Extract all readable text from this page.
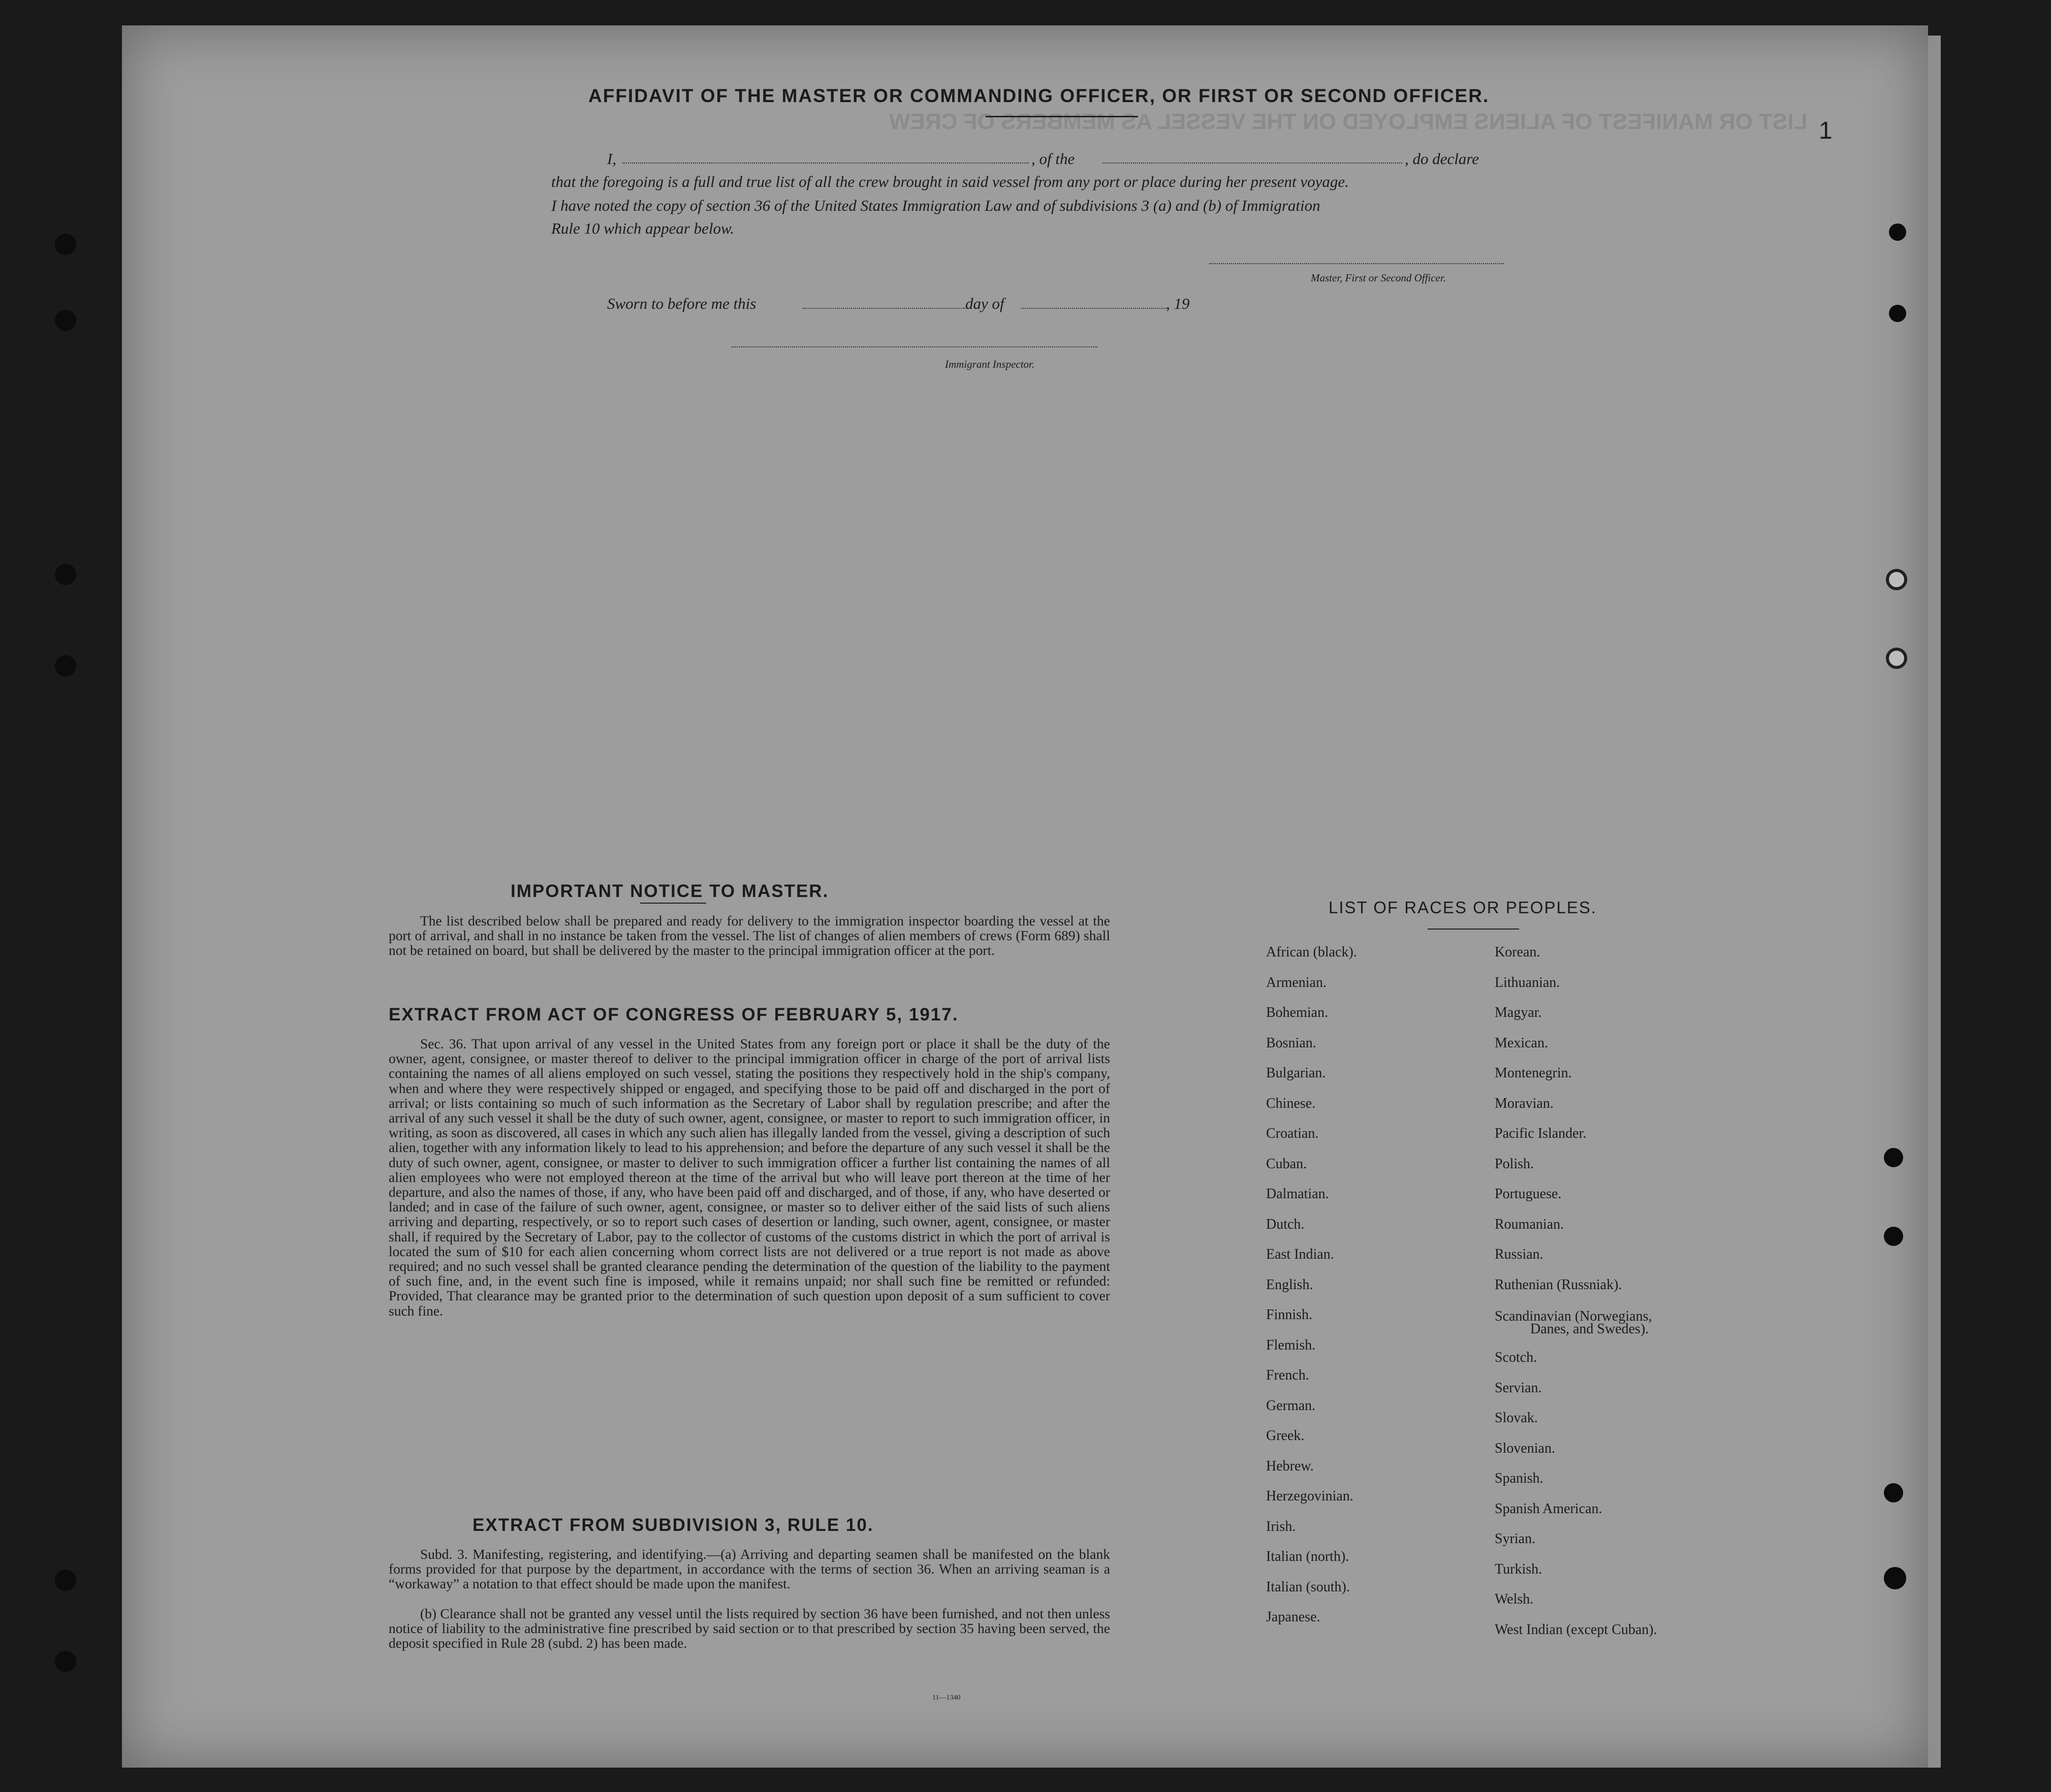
LIST OR MANIFEST OF ALIENS EMPLOYED ON THE VESSEL AS MEMBERS OF CREW 1
AFFIDAVIT OF THE MASTER OR COMMANDING OFFICER, OR FIRST OR SECOND OFFICER.
I,	, of the	, do declare
that the foregoing is a full and true list of all the crew brought in said vessel from any port or place during her present voyage.
I have noted the copy of section 36 of the United States Immigration Law and of subdivisions 3 (a) and (b) of Immigration
Rule 10 which appear below.
Master, First or Second Officer.
Sworn to before me this	day of	, 19
Immigrant Inspector.
IMPORTANT NOTICE TO MASTER.
The list described below shall be prepared and ready for delivery to the immigration inspector boarding the vessel at the port of arrival, and shall in no instance be taken from the vessel. The list of changes of alien members of crews (Form 689) shall not be retained on board, but shall be delivered by the master to the principal immigration officer at the port.
EXTRACT FROM ACT OF CONGRESS OF FEBRUARY 5, 1917.
Sec. 36. That upon arrival of any vessel in the United States from any foreign port or place it shall be the duty of the owner, agent, consignee, or master thereof to deliver to the principal immigration officer in charge of the port of arrival lists containing the names of all aliens employed on such vessel, stating the positions they respectively hold in the ship's company, when and where they were respectively shipped or engaged, and specifying those to be paid off and discharged in the port of arrival; or lists containing so much of such information as the Secretary of Labor shall by regulation prescribe; and after the arrival of any such vessel it shall be the duty of such owner, agent, consignee, or master to report to such immigration officer, in writing, as soon as discovered, all cases in which any such alien has illegally landed from the vessel, giving a description of such alien, together with any information likely to lead to his apprehension; and before the departure of any such vessel it shall be the duty of such owner, agent, consignee, or master to deliver to such immigration officer a further list containing the names of all alien employees who were not employed thereon at the time of the arrival but who will leave port thereon at the time of her departure, and also the names of those, if any, who have been paid off and discharged, and of those, if any, who have deserted or landed; and in case of the failure of such owner, agent, consignee, or master so to deliver either of the said lists of such aliens arriving and departing, respectively, or so to report such cases of desertion or landing, such owner, agent, consignee, or master shall, if required by the Secretary of Labor, pay to the collector of customs of the customs district in which the port of arrival is located the sum of $10 for each alien concerning whom correct lists are not delivered or a true report is not made as above required; and no such vessel shall be granted clearance pending the determination of the question of the liability to the payment of such fine, and, in the event such fine is imposed, while it remains unpaid; nor shall such fine be remitted or refunded: Provided, That clearance may be granted prior to the determination of such question upon deposit of a sum sufficient to cover such fine.
EXTRACT FROM SUBDIVISION 3, RULE 10.
Subd. 3. Manifesting, registering, and identifying.—(a) Arriving and departing seamen shall be manifested on the blank forms provided for that purpose by the department, in accordance with the terms of section 36. When an arriving seaman is a “workaway” a notation to that effect should be made upon the manifest.
(b) Clearance shall not be granted any vessel until the lists required by section 36 have been furnished, and not then unless notice of liability to the administrative fine prescribed by said section or to that prescribed by section 35 having been served, the deposit specified in Rule 28 (subd. 2) has been made.
11—1340
LIST OF RACES OR PEOPLES.
African (black).
Armenian.
Bohemian.
Bosnian.
Bulgarian.
Chinese.
Croatian.
Cuban.
Dalmatian.
Dutch.
East Indian.
English.
Finnish.
Flemish.
French.
German.
Greek.
Hebrew.
Herzegovinian.
Irish.
Italian (north).
Italian (south).
Japanese.
Korean.
Lithuanian.
Magyar.
Mexican.
Montenegrin.
Moravian.
Pacific Islander.
Polish.
Portuguese.
Roumanian.
Russian.
Ruthenian (Russniak).
Scandinavian (Norwegians,
Danes, and Swedes).
Scotch.
Servian.
Slovak.
Slovenian.
Spanish.
Spanish American.
Syrian.
Turkish.
Welsh.
West Indian (except Cuban).
